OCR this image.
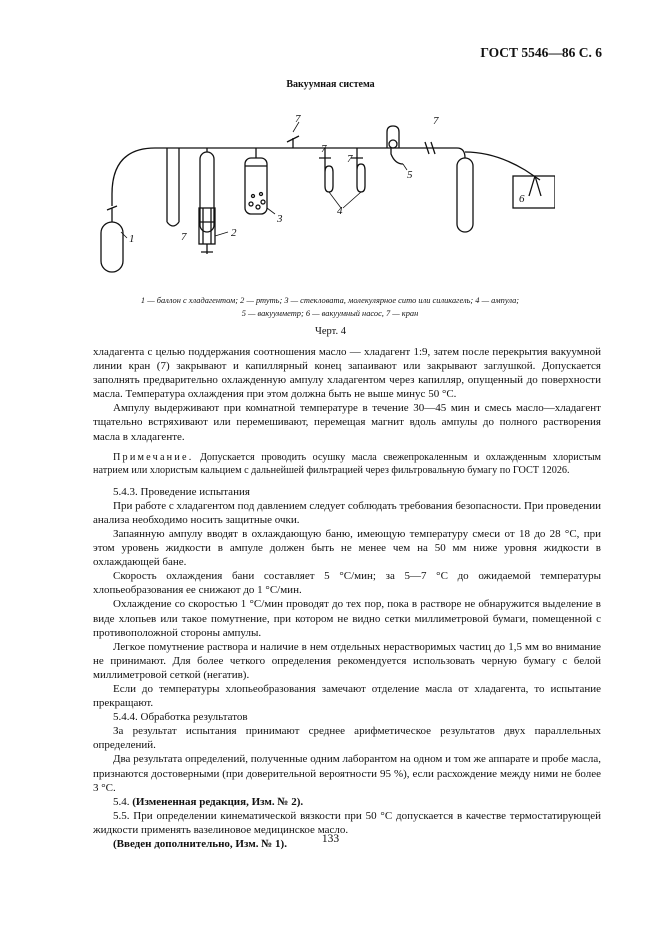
ГОСТ 5546—86 С. 6
Вакуумная система
1	2
3
4
5
6
7
7
7
7
7
1 — баллон с хладагентом; 2 — ртуть; 3 — стекловата, молекулярное сито или силикагель; 4 — ампула;
5 — вакуумметр; 6 — вакуумный насос, 7 — кран
Черт. 4

хладагента с целью поддержания соотношения масло — хладагент 1:9, затем после перекрытия вакуумной линии кран (7) закрывают и капиллярный конец запаивают или закрывают заглушкой. Допускается заполнять предварительно охлажденную ампулу хладагентом через капилляр, опущенный до поверхности масла. Температура охлаждения при этом должна быть не выше минус 50 °С.

Ампулу выдерживают при комнатной температуре в течение 30—45 мин и смесь масло—хладагент тщательно встряхивают или перемешивают, перемещая магнит вдоль ампулы до полного растворения масла в хладагенте.

Примечание. Допускается проводить осушку масла свежепрокаленным и охлажденным хлористым натрием или хлористым кальцием с дальнейшей фильтрацией через фильтровальную бумагу по ГОСТ 12026.

5.4.3. Проведение испытания

При работе с хладагентом под давлением следует соблюдать требования безопасности. При проведении анализа необходимо носить защитные очки.

Запаянную ампулу вводят в охлаждающую баню, имеющую температуру смеси от 18 до 28 °С, при этом уровень жидкости в ампуле должен быть не менее чем на 50 мм ниже уровня жидкости в охлаждающей бане.

Скорость охлаждения бани составляет 5 °С/мин; за 5—7 °С до ожидаемой температуры хлопьеобразования ее снижают до 1 °С/мин.

Охлаждение со скоростью 1 °С/мин проводят до тех пор, пока в растворе не обнаружится выделение в виде хлопьев или такое помутнение, при котором не видно сетки миллиметровой бумаги, помещенной с противоположной стороны ампулы.

Легкое помутнение раствора и наличие в нем отдельных нерастворимых частиц до 1,5 мм во внимание не принимают. Для более четкого определения рекомендуется использовать черную бумагу с белой миллиметровой сеткой (негатив).

Если до температуры хлопьеобразования замечают отделение масла от хладагента, то испытание прекращают.

5.4.4. Обработка результатов

За результат испытания принимают среднее арифметическое результатов двух параллельных определений.

Два результата определений, полученные одним лаборантом на одном и том же аппарате и пробе масла, признаются достоверными (при доверительной вероятности 95 %), если расхождение между ними не более 3 °С.

5.4. (Измененная редакция, Изм. № 2).

5.5. При определении кинематической вязкости при 50 °С допускается в качестве термостатирующей жидкости применять вазелиновое медицинское масло.

(Введен дополнительно, Изм. № 1).	133
